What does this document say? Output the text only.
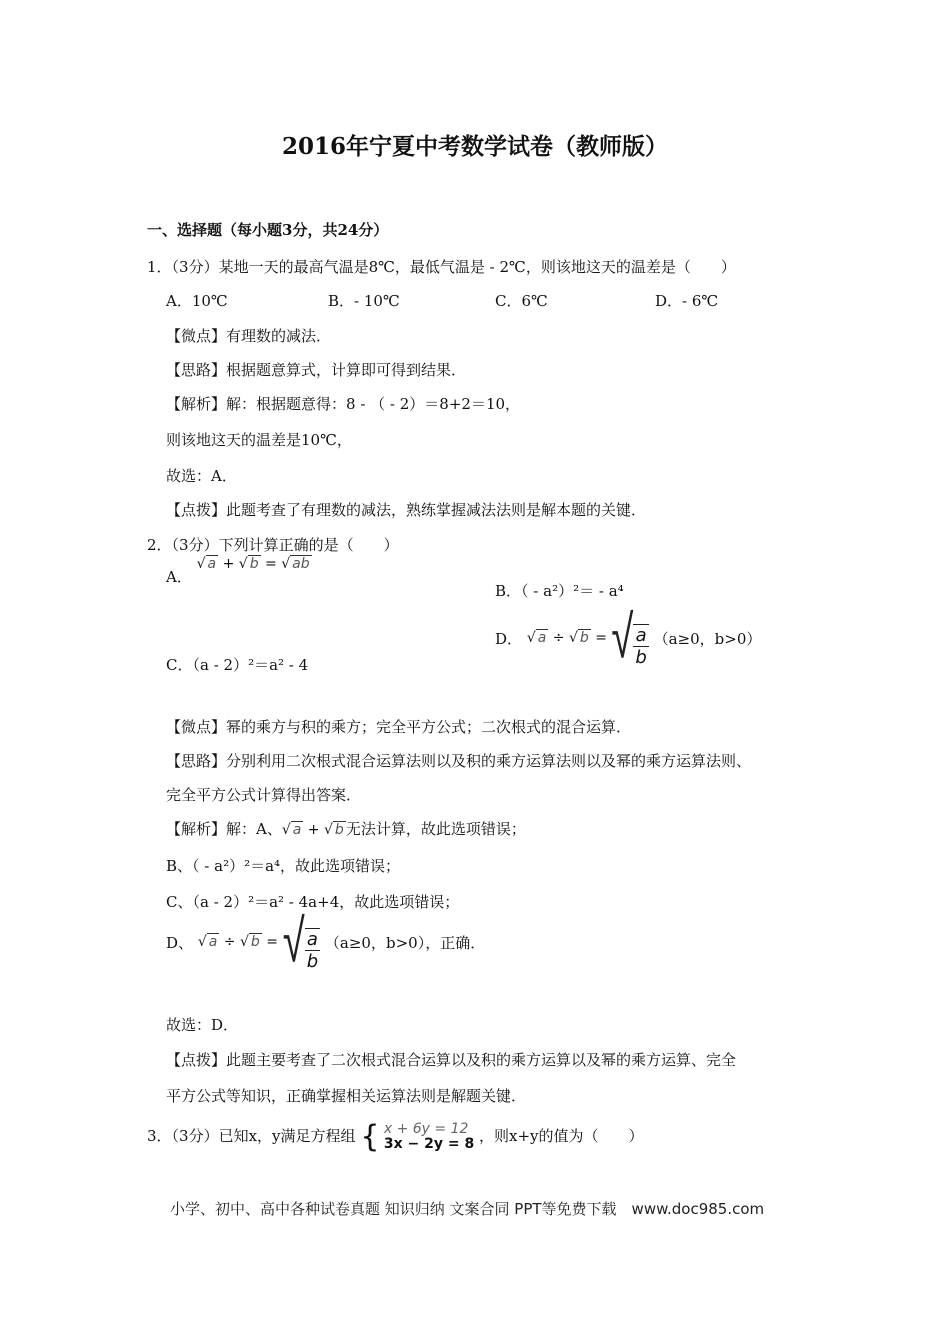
2016年宁夏中考数学试卷（教师版）
一、选择题（每小题3分，共24分）
1．（3分）某地一天的最高气温是8℃，最低气温是 - 2℃，则该地这天的温差是（　　）
A．10℃	B．- 10℃	C．6℃	D．- 6℃
【微点】有理数的减法．
【思路】根据题意算式，计算即可得到结果．
【解析】解：根据题意得：8 - （ - 2）＝8+2＝10，
则该地这天的温差是10℃，
故选：A．
【点拨】此题考查了有理数的减法，熟练掌握减法法则是解本题的关键．
2．（3分）下列计算正确的是（　　）
A． √ a + √ b = √ ab
B．（ - a²）²＝ - a⁴
C．（a - 2）²＝a² - 4
D． √ a ÷ √ b = √ $\frac{a}{b} (a\ge 0$，b>0）
【微点】幂的乘方与积的乘方；完全平方公式；二次根式的混合运算．
【思路】分别利用二次根式混合运算法则以及积的乘方运算法则以及幂的乘方运算法则、
完全平方公式计算得出答案．
【解析】解：A、√ a + √ b 无法计算，故此选项错误；
B、（ - a²）²＝a⁴，故此选项错误；
C、（a - 2）²＝a² - 4a+4，故此选项错误；
D、 √ a ÷ √ b = √ $\frac{a}{b} (a\ge 0$，b>0），正确．
故选：D．
【点拨】此题主要考查了二次根式混合运算以及积的乘方运算以及幂的乘方运算、完全
平方公式等知识，正确掌握相关运算法则是解题关键．
3．（3分）已知x，y满足方程组 { x + 6y = 12
3x − 2y = 8 ，则x+y的值为（　　）
小学、初中、高中各种试卷真题 知识归纳 文案合同 PPT等免费下载　www.doc985.com
